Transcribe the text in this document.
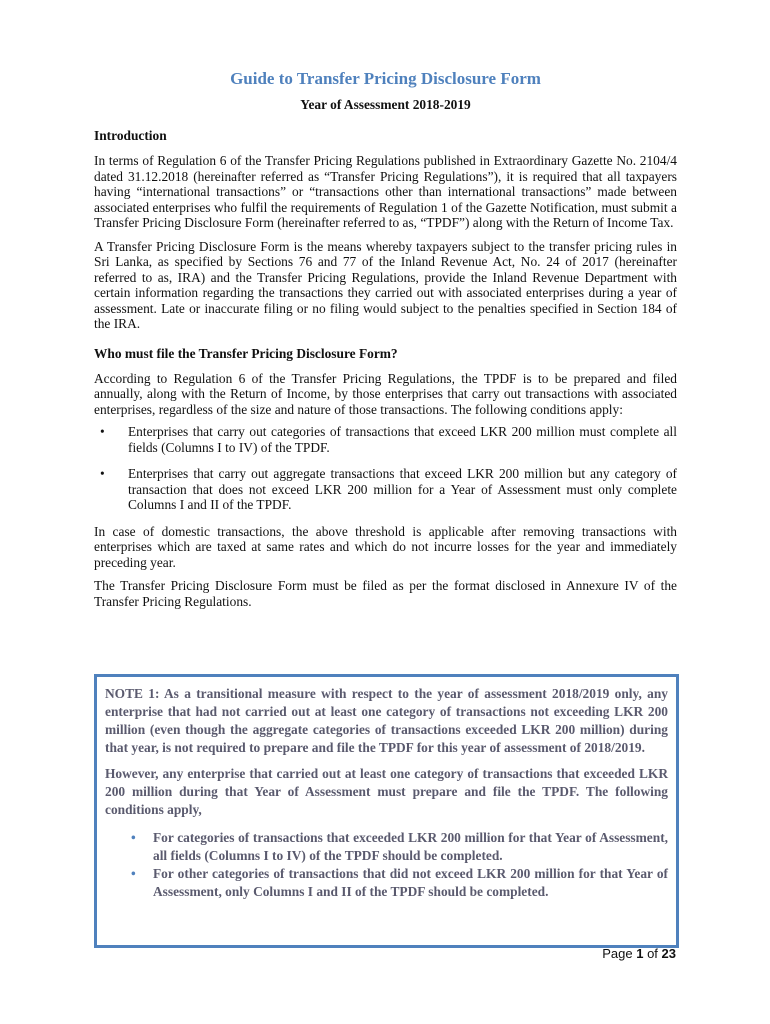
Guide to Transfer Pricing Disclosure Form
Year of Assessment 2018-2019
Introduction

In terms of Regulation 6 of the Transfer Pricing Regulations published in Extraordinary Gazette No. 2104/4 dated 31.12.2018 (hereinafter referred as “Transfer Pricing Regulations”), it is required that all taxpayers having “international transactions” or “transactions other than international transactions” made between associated enterprises who fulfil the requirements of Regulation 1 of the Gazette Notification, must submit a Transfer Pricing Disclosure Form (hereinafter referred to as, “TPDF”) along with the Return of Income Tax.

A Transfer Pricing Disclosure Form is the means whereby taxpayers subject to the transfer pricing rules in Sri Lanka, as specified by Sections 76 and 77 of the Inland Revenue Act, No. 24 of 2017 (hereinafter referred to as, IRA) and the Transfer Pricing Regulations, provide the Inland Revenue Department with certain information regarding the transactions they carried out with associated enterprises during a year of assessment. Late or inaccurate filing or no filing would subject to the penalties specified in Section 184 of the IRA.

Who must file the Transfer Pricing Disclosure Form?

According to Regulation 6 of the Transfer Pricing Regulations, the TPDF is to be prepared and filed annually, along with the Return of Income, by those enterprises that carry out transactions with associated enterprises, regardless of the size and nature of those transactions. The following conditions apply:

• Enterprises that carry out categories of transactions that exceed LKR 200 million must complete all fields (Columns I to IV) of the TPDF.
• Enterprises that carry out aggregate transactions that exceed LKR 200 million but any category of transaction that does not exceed LKR 200 million for a Year of Assessment must only complete Columns I and II of the TPDF.

In case of domestic transactions, the above threshold is applicable after removing transactions with enterprises which are taxed at same rates and which do not incurre losses for the year and immediately preceding year.

The Transfer Pricing Disclosure Form must be filed as per the format disclosed in Annexure IV of the Transfer Pricing Regulations.

NOTE 1: As a transitional measure with respect to the year of assessment 2018/2019 only, any enterprise that had not carried out at least one category of transactions not exceeding LKR 200 million (even though the aggregate categories of transactions exceeded LKR 200 million) during that year, is not required to prepare and file the TPDF for this year of assessment of 2018/2019.

However, any enterprise that carried out at least one category of transactions that exceeded LKR 200 million during that Year of Assessment must prepare and file the TPDF. The following conditions apply,

• For categories of transactions that exceeded LKR 200 million for that Year of Assessment, all fields (Columns I to IV) of the TPDF should be completed.
• For other categories of transactions that did not exceed LKR 200 million for that Year of Assessment, only Columns I and II of the TPDF should be completed.
Page 1 of 23
